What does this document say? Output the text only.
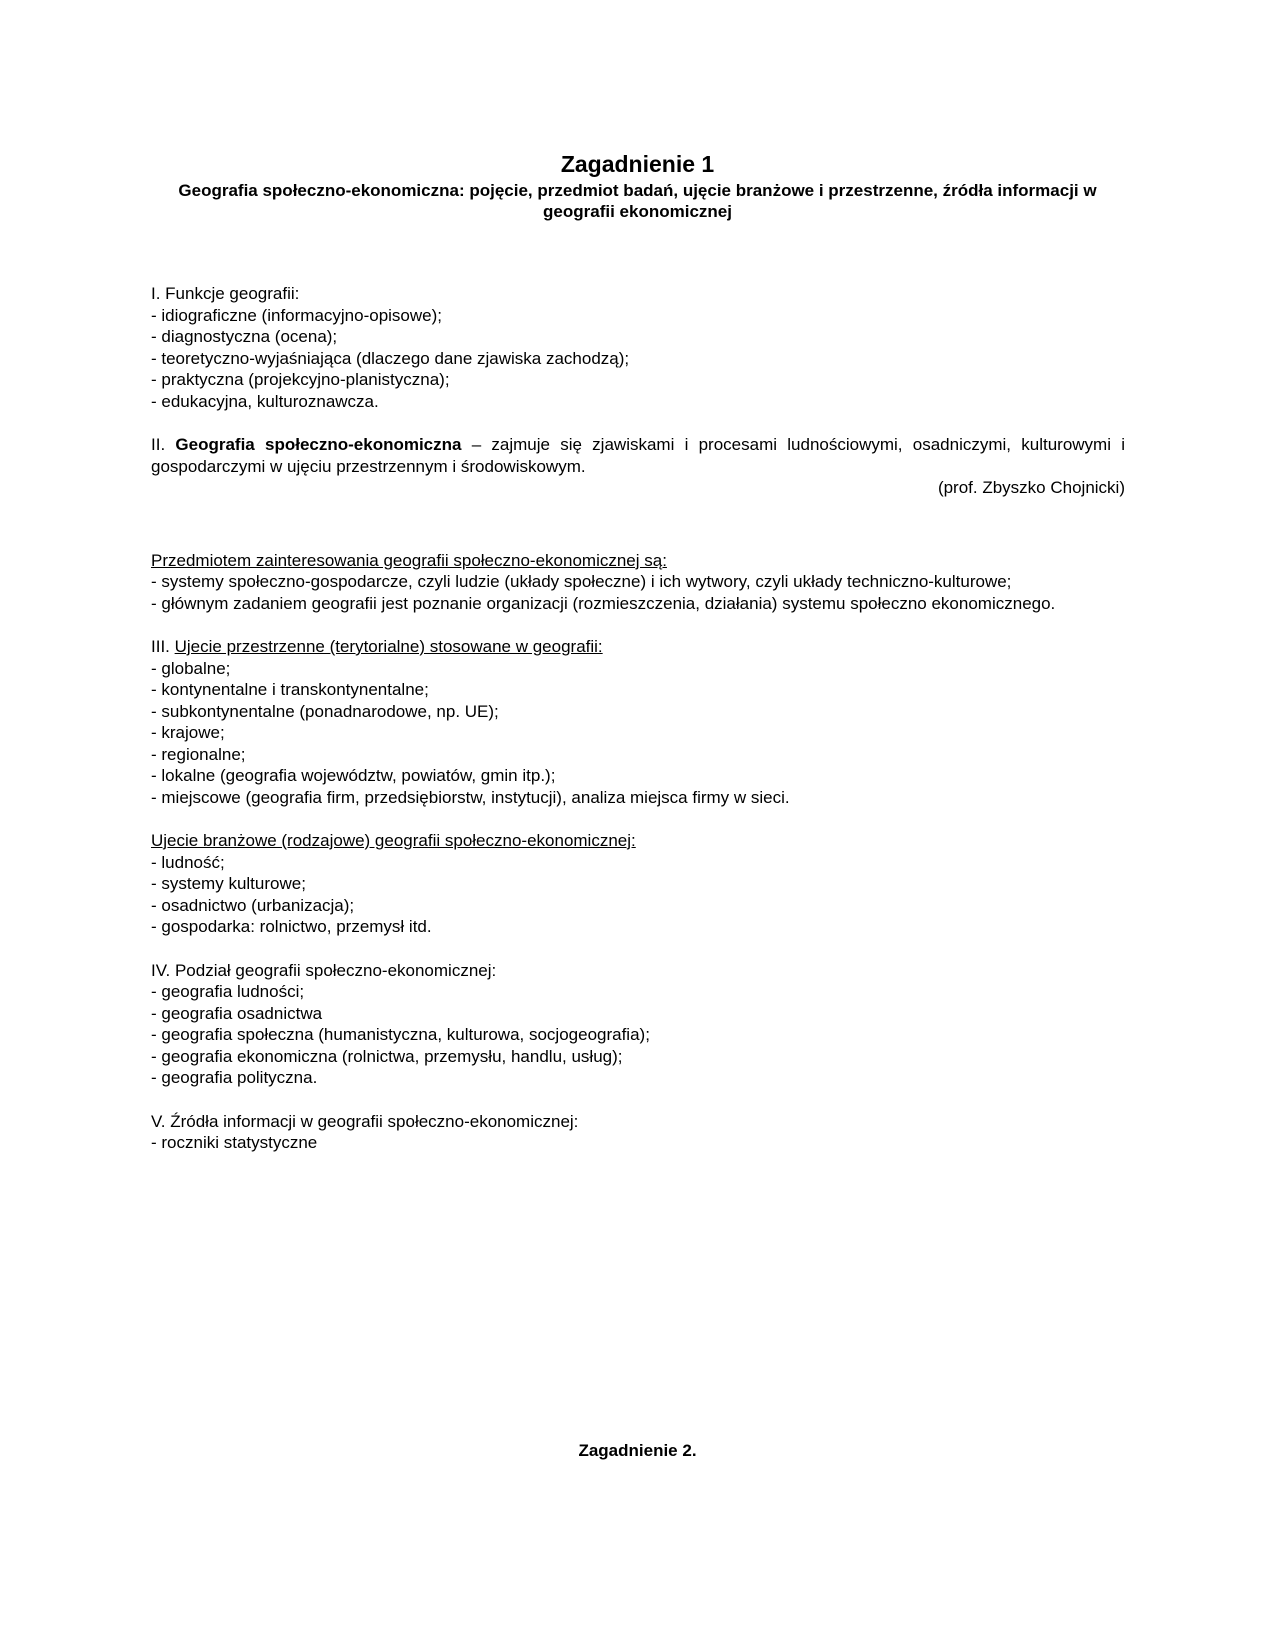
Zagadnienie 1

Geografia społeczno-ekonomiczna: pojęcie, przedmiot badań, ujęcie branżowe i przestrzenne, źródła informacji w geografii ekonomicznej

I. Funkcje geografii:

- idiograficzne (informacyjno-opisowe);

- diagnostyczna (ocena);

- teoretyczno-wyjaśniająca (dlaczego dane zjawiska zachodzą);

- praktyczna (projekcyjno-planistyczna);

- edukacyjna, kulturoznawcza.

II. Geografia społeczno-ekonomiczna – zajmuje się zjawiskami i procesami ludnościowymi, osadniczymi, kulturowymi i gospodarczymi w ujęciu przestrzennym i środowiskowym.

(prof. Zbyszko Chojnicki)

Przedmiotem zainteresowania geografii społeczno-ekonomicznej są:

- systemy społeczno-gospodarcze, czyli ludzie (układy społeczne) i ich wytwory, czyli układy techniczno-kulturowe;

- głównym zadaniem geografii jest poznanie organizacji (rozmieszczenia, działania) systemu społeczno ekonomicznego.

III. Ujecie przestrzenne (terytorialne) stosowane w geografii:

- globalne;

- kontynentalne i transkontynentalne;

- subkontynentalne (ponadnarodowe, np. UE);

- krajowe;

- regionalne;

- lokalne (geografia województw, powiatów, gmin itp.);

- miejscowe (geografia firm, przedsiębiorstw, instytucji), analiza miejsca firmy w sieci.

Ujecie branżowe (rodzajowe) geografii społeczno-ekonomicznej:

- ludność;

- systemy kulturowe;

- osadnictwo (urbanizacja);

- gospodarka: rolnictwo, przemysł itd.

IV. Podział geografii społeczno-ekonomicznej:

- geografia ludności;

- geografia osadnictwa

- geografia społeczna (humanistyczna, kulturowa, socjogeografia);

- geografia ekonomiczna (rolnictwa, przemysłu, handlu, usług);

- geografia polityczna.

V. Źródła informacji w geografii społeczno-ekonomicznej:

- roczniki statystyczne

Zagadnienie 2.
